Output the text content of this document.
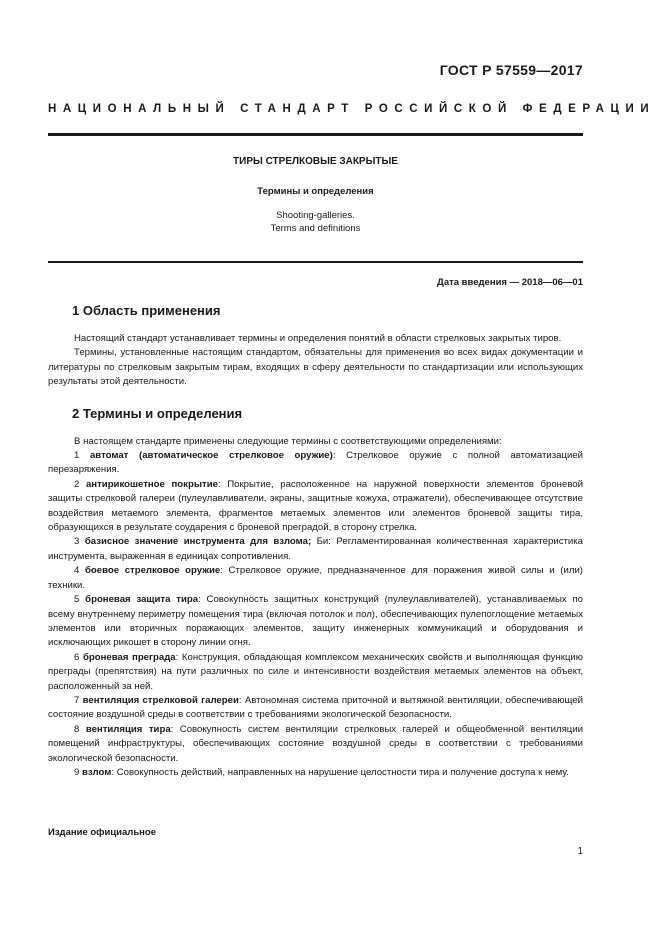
ГОСТ Р 57559—2017
НАЦИОНАЛЬНЫЙ СТАНДАРТ РОССИЙСКОЙ ФЕДЕРАЦИИ
ТИРЫ СТРЕЛКОВЫЕ ЗАКРЫТЫЕ
Термины и определения
Shooting-galleries.
Terms and definitions
Дата введения — 2018—06—01
1 Область применения

Настоящий стандарт устанавливает термины и определения понятий в области стрелковых закрытых тиров.

Термины, установленные настоящим стандартом, обязательны для применения во всех видах документации и литературы по стрелковым закрытым тирам, входящих в сферу деятельности по стандартизации или использующих результаты этой деятельности.

2 Термины и определения

В настоящем стандарте применены следующие термины с соответствующими определениями:

1 автомат (автоматическое стрелковое оружие): Стрелковое оружие с полной автоматизацией перезаряжения.

2 антирикошетное покрытие: Покрытие, расположенное на наружной поверхности элементов броневой защиты стрелковой галереи (пулеулавливатели, экраны, защитные кожуха, отражатели), обеспечивающее отсутствие воздействия метаемого элемента, фрагментов метаемых элементов или элементов броневой защиты тира, образующихся в результате соударения с броневой преградой, в сторону стрелка.

3 базисное значение инструмента для взлома; Би: Регламентированная количественная характеристика инструмента, выраженная в единицах сопротивления.

4 боевое стрелковое оружие: Стрелковое оружие, предназначенное для поражения живой силы и (или) техники.

5 броневая защита тира: Совокупность защитных конструкций (пулеулавливателей), устанавливаемых по всему внутреннему периметру помещения тира (включая потолок и пол), обеспечивающих пулепоглощение метаемых элементов или вторичных поражающих элементов, защиту инженерных коммуникаций и оборудования и исключающих рикошет в сторону линии огня.

6 броневая преграда: Конструкция, обладающая комплексом механических свойств и выполняющая функцию преграды (препятствия) на пути различных по силе и интенсивности воздействия метаемых элементов на объект, расположенный за ней.

7 вентиляция стрелковой галереи: Автономная система приточной и вытяжной вентиляции, обеспечивающей состояние воздушной среды в соответствии с требованиями экологической безопасности.

8 вентиляция тира: Совокупность систем вентиляции стрелковых галерей и общеобменной вентиляции помещений инфраструктуры, обеспечивающих состояние воздушной среды в соответствии с требованиями экологической безопасности.

9 взлом: Совокупность действий, направленных на нарушение целостности тира и получение доступа к нему.

Издание официальное
1
